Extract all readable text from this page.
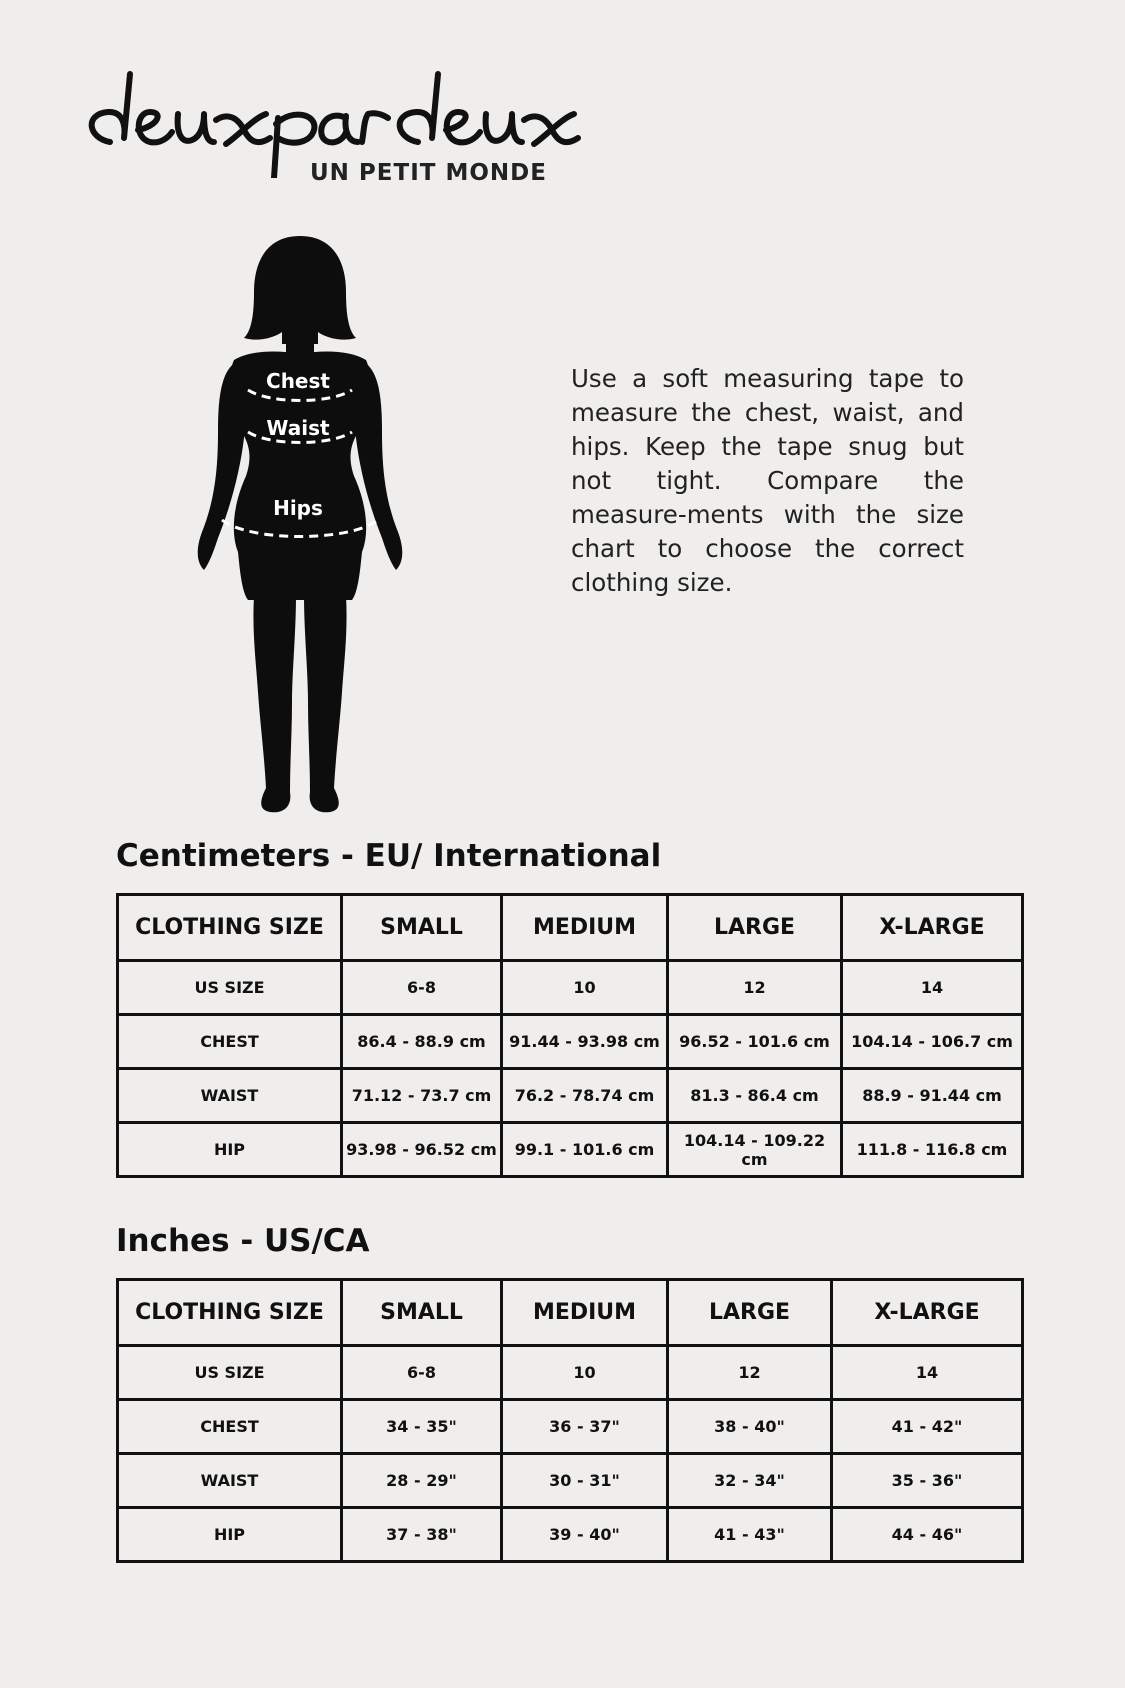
UN PETIT MONDE
Chest
Waist
Hips
Use a soft measuring tape to measure the chest, waist, and hips. Keep the tape snug but not tight. Compare the measure-ments with the size chart to choose the correct clothing size.
Centimeters - EU/ International
CLOTHING SIZE	SMALL	MEDIUM	LARGE	X-LARGE
US SIZE	6-8	10	12	14
CHEST	86.4 - 88.9 cm	91.44 - 93.98 cm	96.52 - 101.6 cm	104.14 - 106.7 cm
WAIST	71.12 - 73.7 cm	76.2 - 78.74 cm	81.3 - 86.4 cm	88.9 - 91.44 cm
HIP	93.98 - 96.52 cm	99.1 - 101.6 cm	104.14 - 109.22 cm	111.8 - 116.8 cm
Inches - US/CA
CLOTHING SIZE	SMALL	MEDIUM	LARGE	X-LARGE
US SIZE	6-8	10	12	14
CHEST	34 - 35"	36 - 37"	38 - 40"	41 - 42"
WAIST	28 - 29"	30 - 31"	32 - 34"	35 - 36"
HIP	37 - 38"	39 - 40"	41 - 43"	44 - 46"
